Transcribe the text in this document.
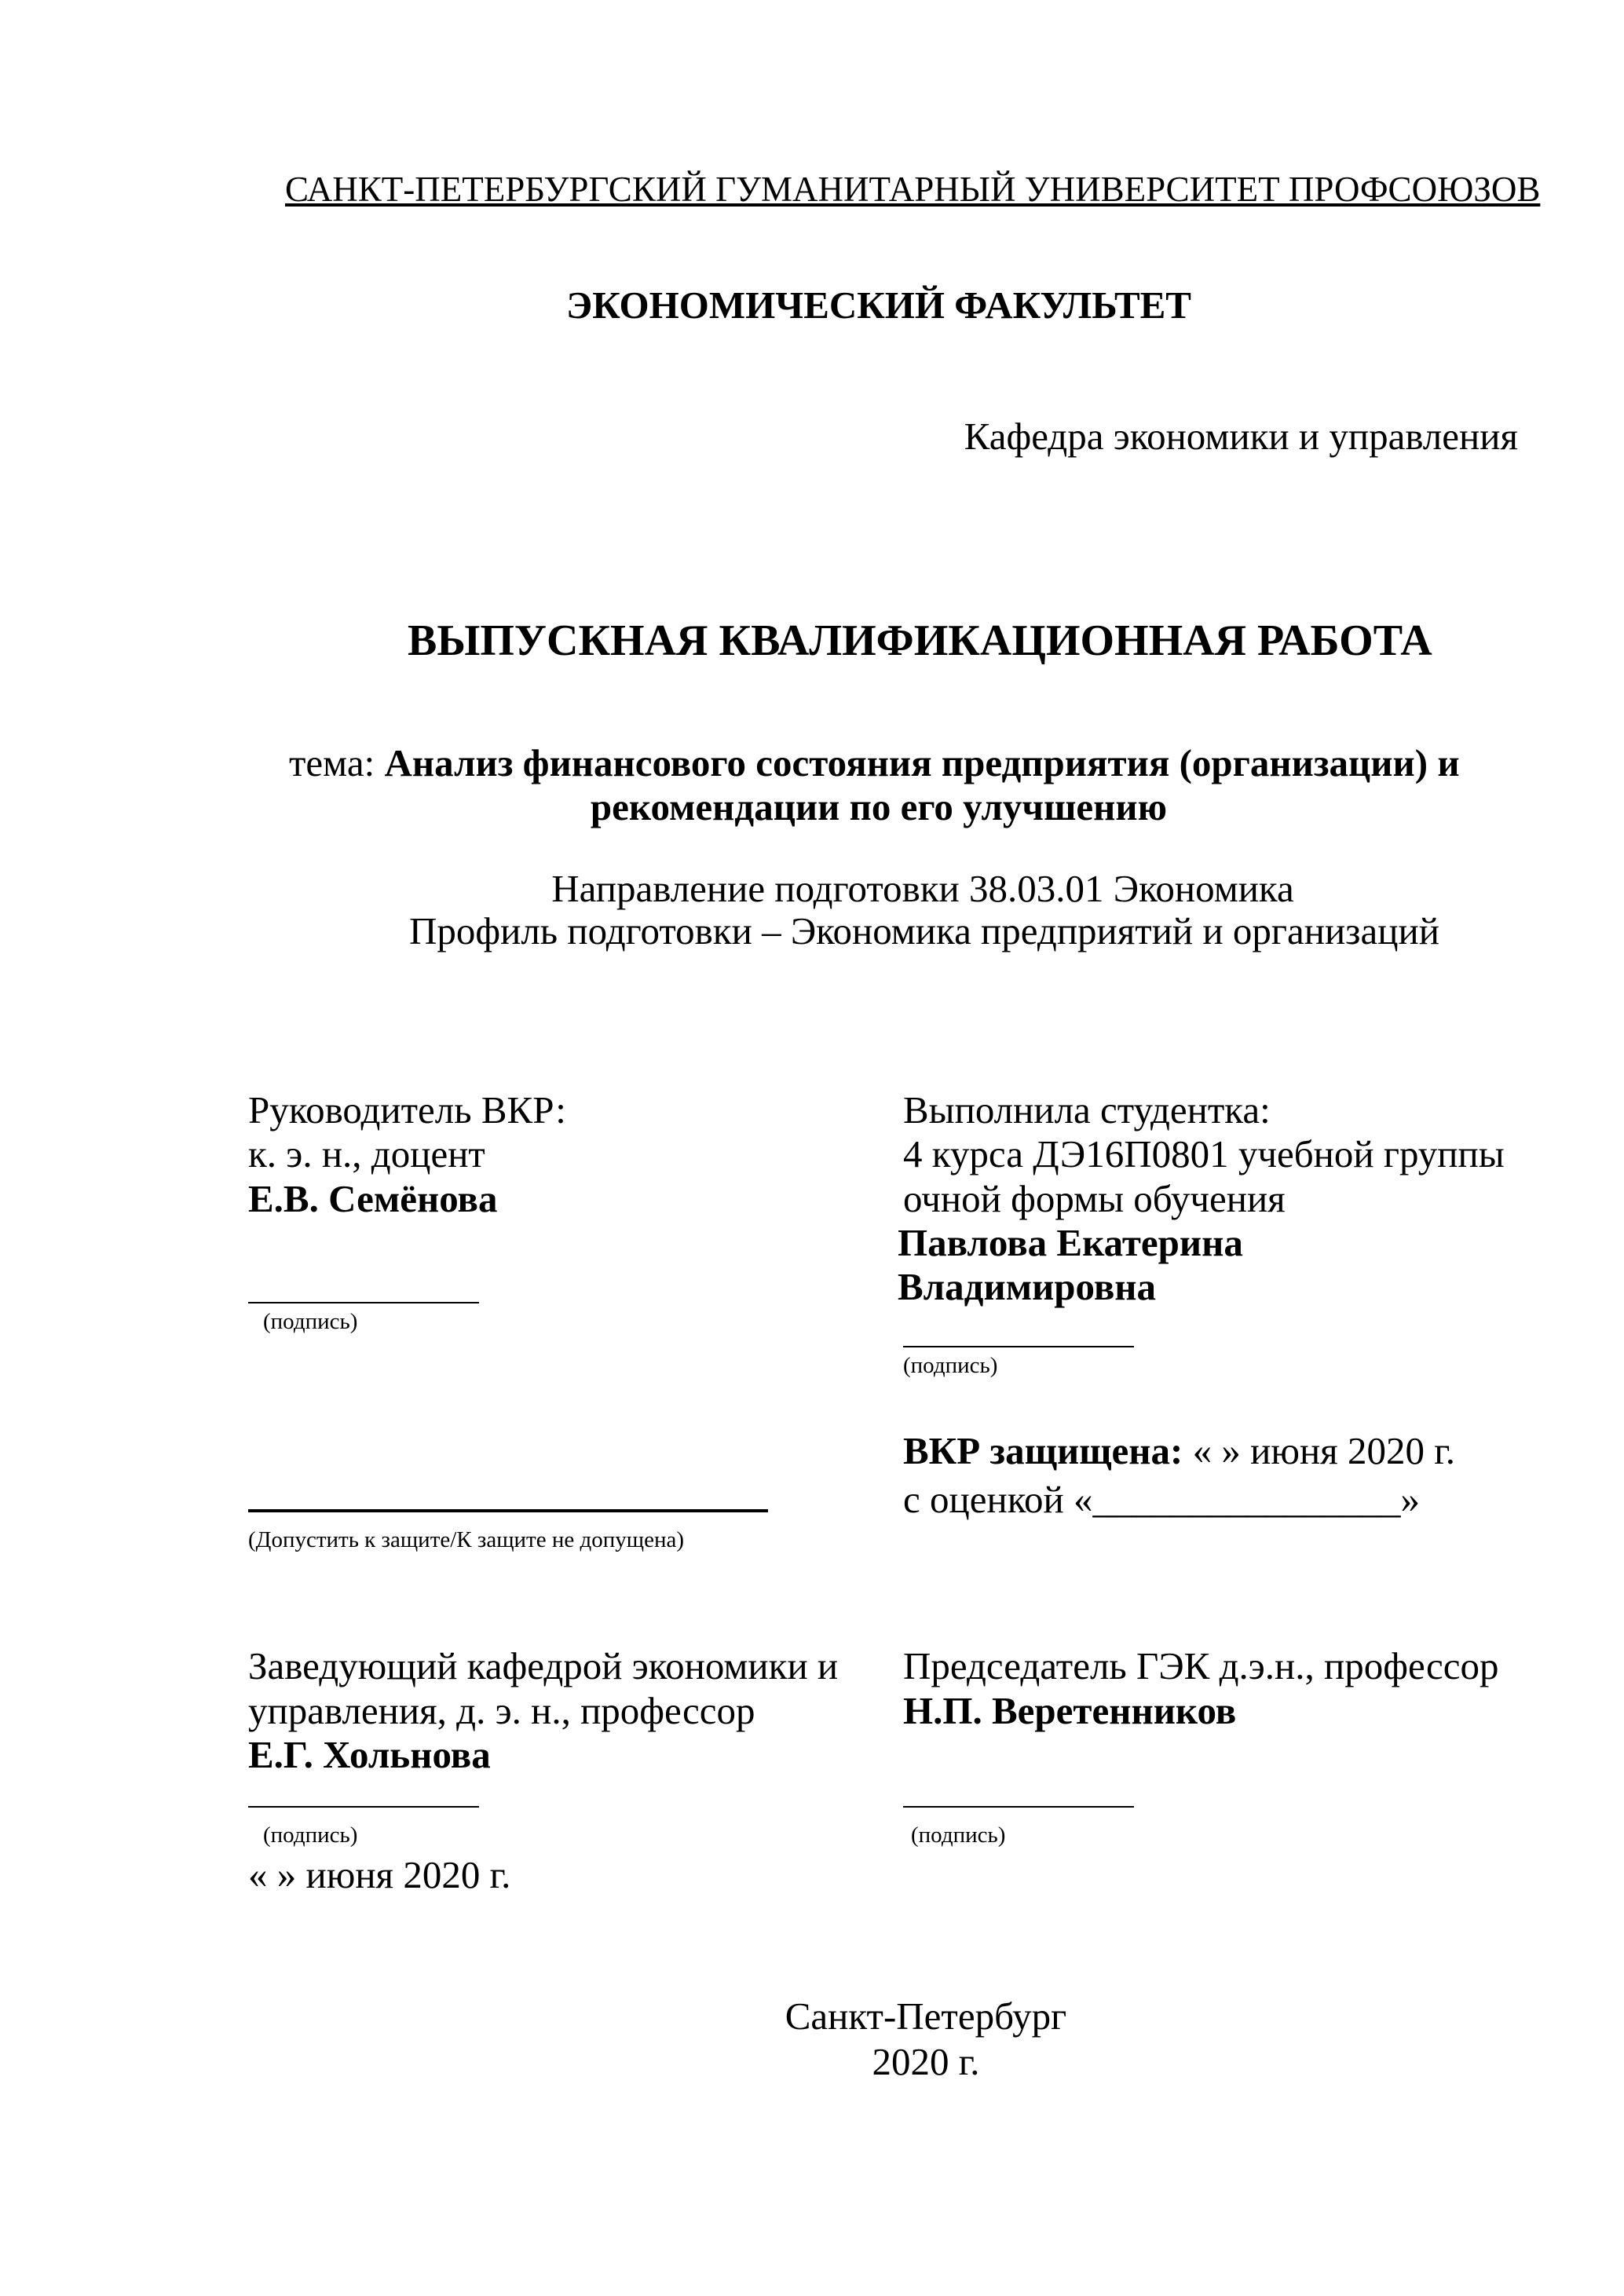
САНКТ-ПЕТЕРБУРГСКИЙ ГУМАНИТАРНЫЙ УНИВЕРСИТЕТ ПРОФСОЮЗОВ
ЭКОНОМИЧЕСКИЙ ФАКУЛЬТЕТ
Кафедра экономики и управления
ВЫПУСКНАЯ КВАЛИФИКАЦИОННАЯ РАБОТА
тема: Анализ финансового состояния предприятия (организации) и
рекомендации по его улучшению
Направление подготовки 38.03.01 Экономика
Профиль подготовки – Экономика предприятий и организаций
Руководитель ВКР:
к. э. н., доцент
Е.В. Семёнова
(подпись)
Выполнила студентка:
4 курса ДЭ16П0801 учебной группы
очной формы обучения
Павлова Екатерина
Владимировна
(подпись)
ВКР защищена: « » июня 2020 г.
с оценкой «________________»
(Допустить к защите/К защите не допущена)
Заведующий кафедрой экономики и
управления, д. э. н., профессор
Е.Г. Хольнова
(подпись)
« » июня 2020 г.
Председатель ГЭК д.э.н., профессор
Н.П. Веретенников
(подпись)
Санкт-Петербург
2020 г.
